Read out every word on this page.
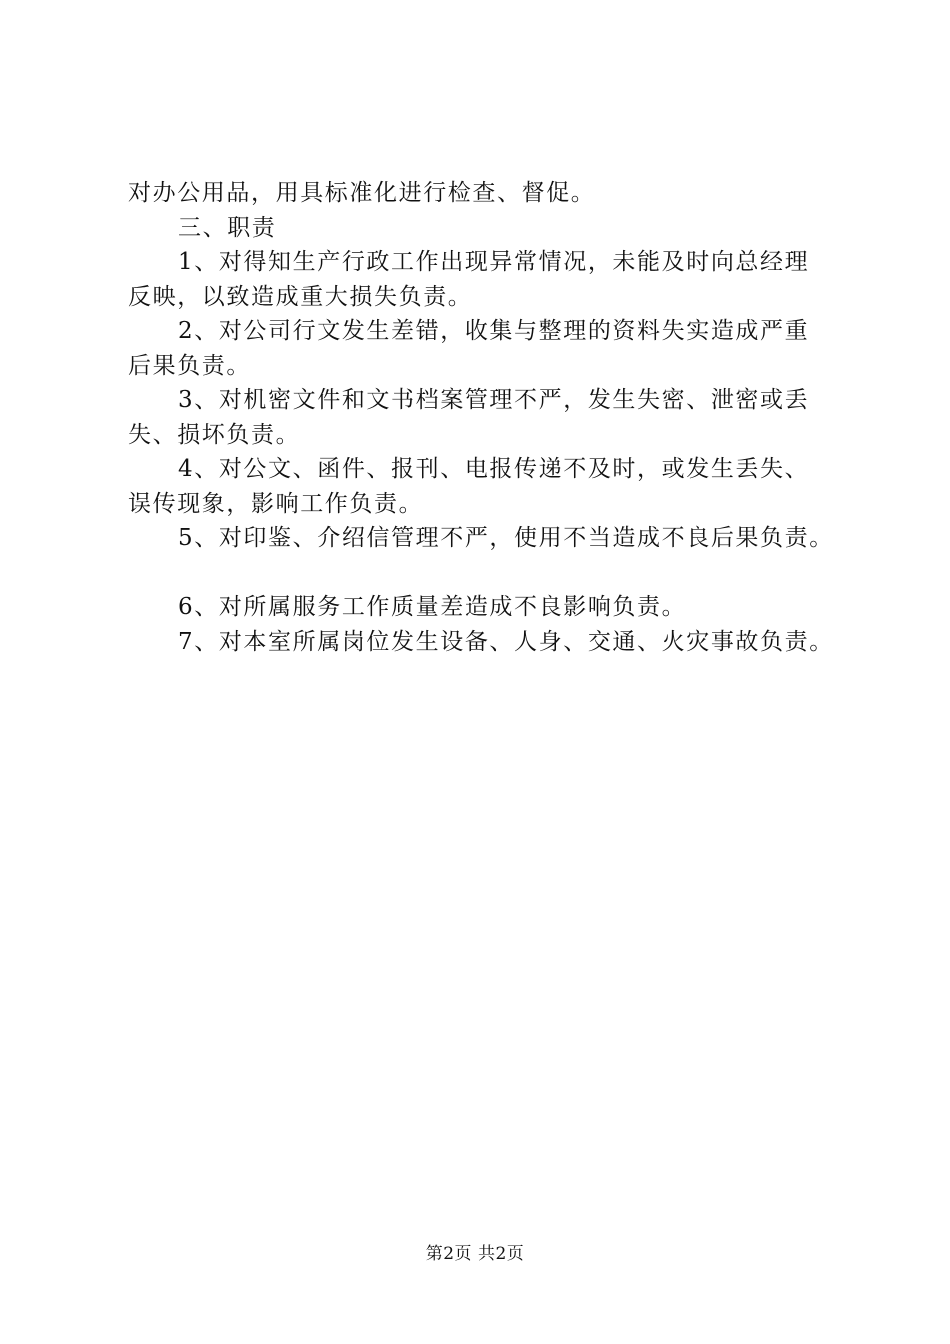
对办公用品，用具标准化进行检查、督促。

三、职责

1、对得知生产行政工作出现异常情况，未能及时向总经理

反映，以致造成重大损失负责。

2、对公司行文发生差错，收集与整理的资料失实造成严重

后果负责。

3、对机密文件和文书档案管理不严，发生失密、泄密或丢

失、损坏负责。

4、对公文、函件、报刊、电报传递不及时，或发生丢失、

误传现象，影响工作负责。

5、对印鉴、介绍信管理不严，使用不当造成不良后果负责。

6、对所属服务工作质量差造成不良影响负责。

7、对本室所属岗位发生设备、人身、交通、火灾事故负责。

第2页 共2页
